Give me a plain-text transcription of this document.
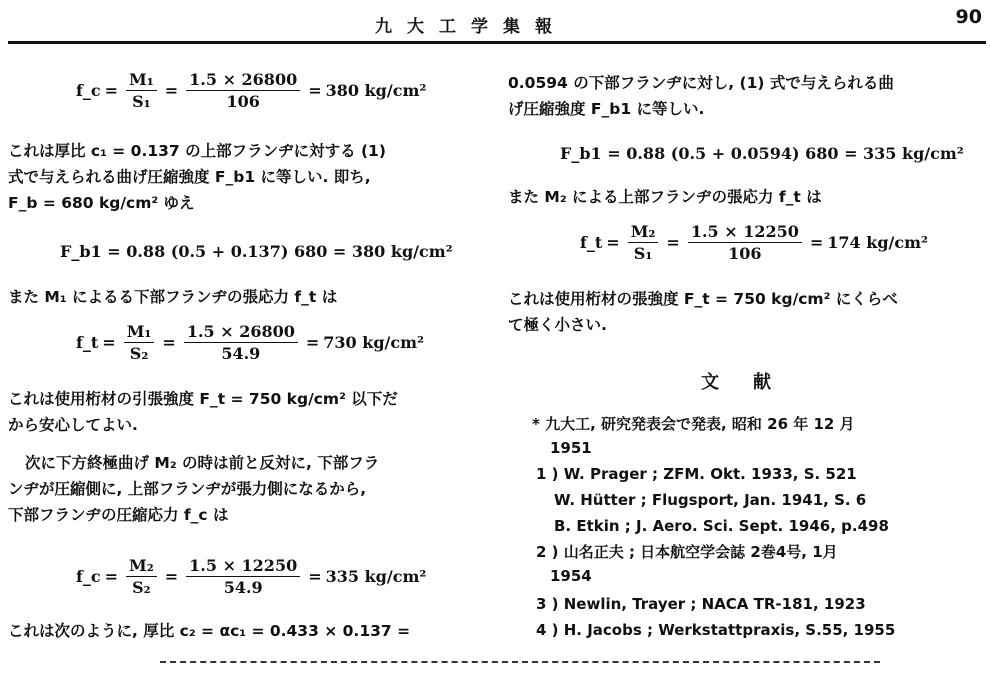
九大工学集報	90
f_c = $\frac{\text{M₁}}{\text{S₁}} = \frac{1.5 \times 26800}{106} = 380$ kg/cm²
これは厚比 c₁ = 0.137 の上部フランヂに対する (1)
式で与えられる曲げ圧縮強度 F_b1 に等しい. 即ち,
F_b = 680 kg/cm² ゆえ
F_b1 = 0.88 (0.5 + 0.137) 680 = 380 kg/cm²
また M₁ によるる下部フランヂの張応力 f_t は
f_t = $\frac{\text{M₁}}{\text{S₂}} = \frac{1.5 \times 26800}{54.9} = 730$ kg/cm²
これは使用桁材の引張強度 F_t = 750 kg/cm² 以下だ
から安心してよい.
次に下方終極曲げ M₂ の時は前と反対に, 下部フラ
ンヂが圧縮側に, 上部フランヂが張力側になるから,
下部フランヂの圧縮応力 f_c は
f_c = $\frac{\text{M₂}}{\text{S₂}} = \frac{1.5 \times 12250}{54.9} = 335$ kg/cm²
これは次のように, 厚比 c₂ = αc₁ = 0.433 × 0.137 =
0.0594 の下部フランヂに対し, (1) 式で与えられる曲
げ圧縮強度 F_b1 に等しい.
F_b1 = 0.88 (0.5 + 0.0594) 680 = 335 kg/cm²
また M₂ による上部フランヂの張応力 f_t は
f_t = $\frac{\text{M₂}}{\text{S₁}} = \frac{1.5 \times 12250}{106} = 174$ kg/cm²
これは使用桁材の張強度 F_t = 750 kg/cm² にくらべ
て極く小さい.
文献
* 九大工, 研究発表会で発表, 昭和 26 年 12 月
1951
1 ) W. Prager ; ZFM. Okt. 1933, S. 521
W. Hütter ; Flugsport, Jan. 1941, S. 6
B. Etkin ; J. Aero. Sci. Sept. 1946, p.498
2 ) 山名正夫 ; 日本航空学会誌 2巻4号, 1月
1954
3 ) Newlin, Trayer ; NACA TR-181, 1923
4 ) H. Jacobs ; Werkstattpraxis, S.55, 1955
